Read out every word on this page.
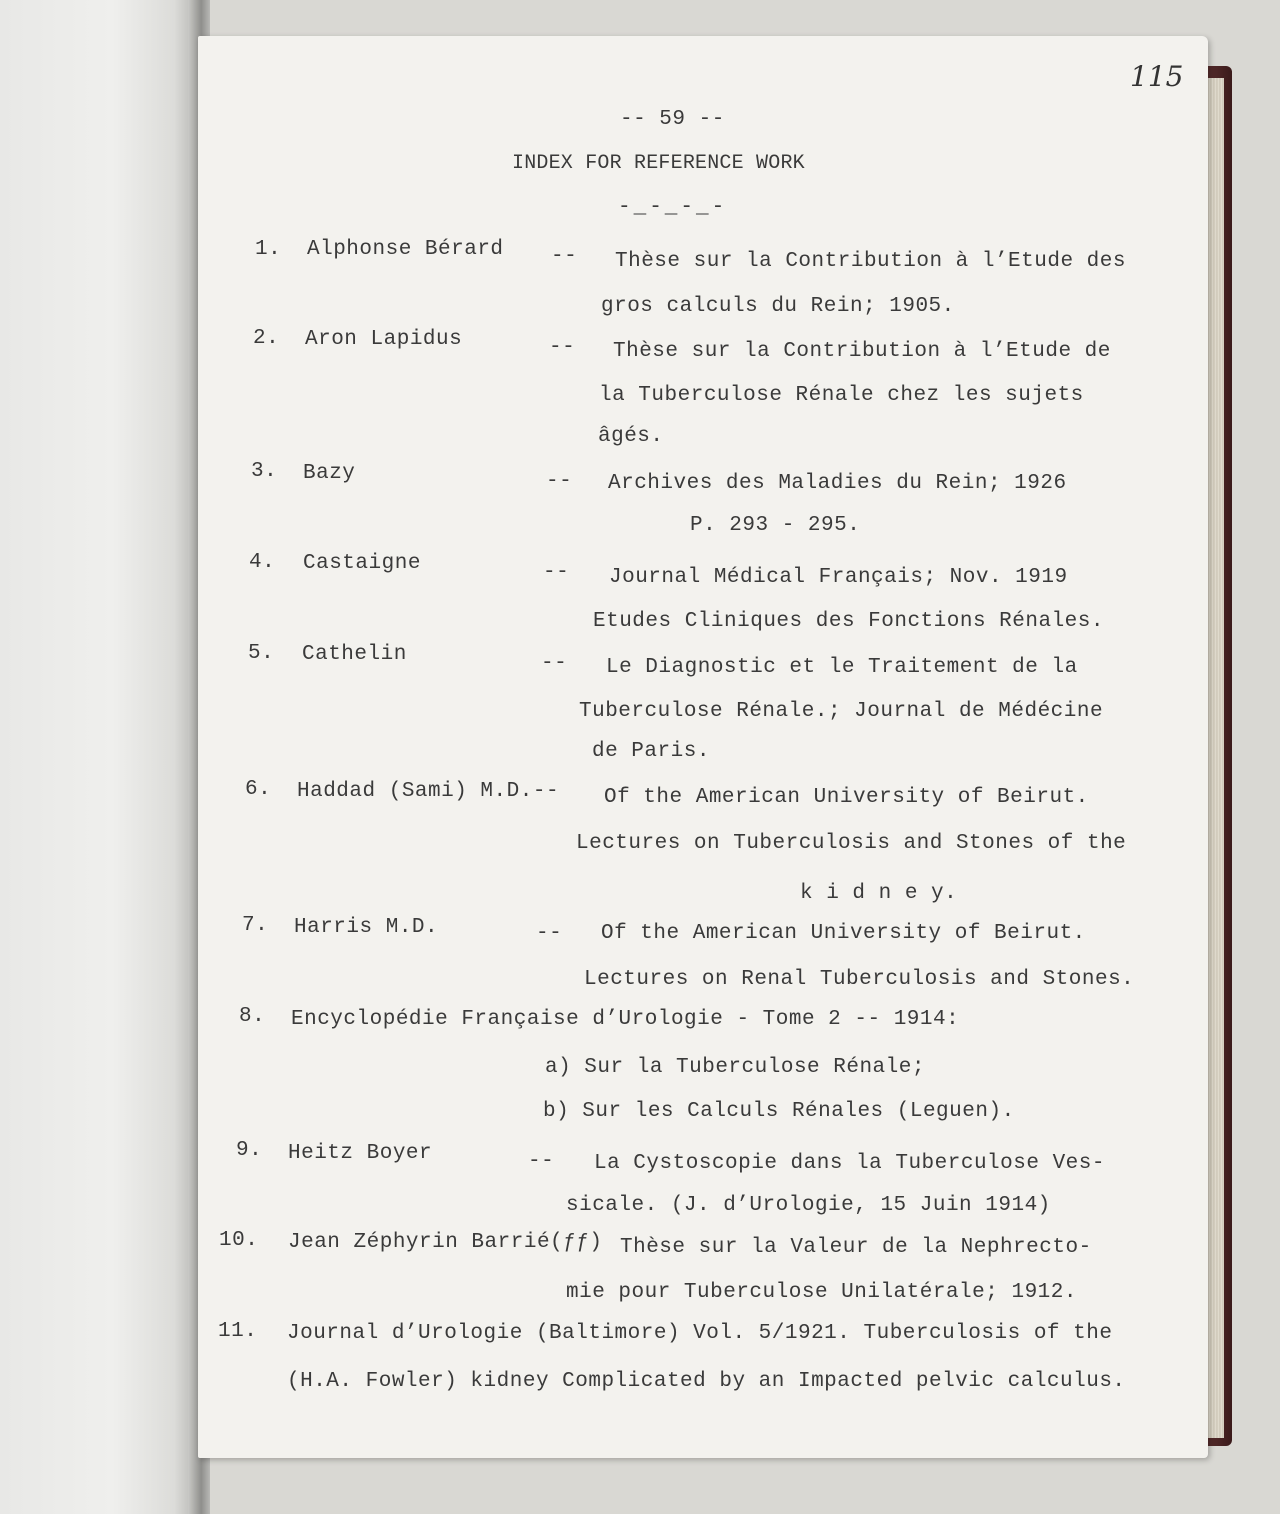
115
-- 59 --
INDEX FOR REFERENCE WORK
-_-_-_-
1. Alphonse Bérard -- Thèse sur la Contribution à l’Etude des
gros calculs du Rein; 1905.
2. Aron Lapidus	-- Thèse sur la Contribution à l’Etude de
la Tuberculose Rénale chez les sujets
âgés.
3. Bazy	-- Archives des Maladies du Rein; 1926
P. 293 - 295.
4. Castaigne	-- Journal Médical Français; Nov. 1919
Etudes Cliniques des Fonctions Rénales.
5. Cathelin	-- Le Diagnostic et le Traitement de la
Tuberculose Rénale.; Journal de Médécine
de Paris.
6. Haddad (Sami) M.D.-- Of the American University of Beirut.
Lectures on Tuberculosis and Stones of the
k i d n e y.
7. Harris M.D.	-- Of the American University of Beirut.
Lectures on Renal Tuberculosis and Stones.
8. Encyclopédie Française d’Urologie - Tome 2 -- 1914:
a) Sur la Tuberculose Rénale;
b) Sur les Calculs Rénales (Leguen).
9. Heitz Boyer	-- La Cystoscopie dans la Tuberculose Ves-
sicale. (J. d’Urologie, 15 Juin 1914)
10. Jean Zéphyrin Barrié(ƒƒ) Thèse sur la Valeur de la Nephrecto-
mie pour Tuberculose Unilatérale; 1912.
11. Journal d’Urologie (Baltimore) Vol. 5/1921. Tuberculosis of the
(H.A. Fowler) kidney Complicated by an Impacted pelvic calculus.
